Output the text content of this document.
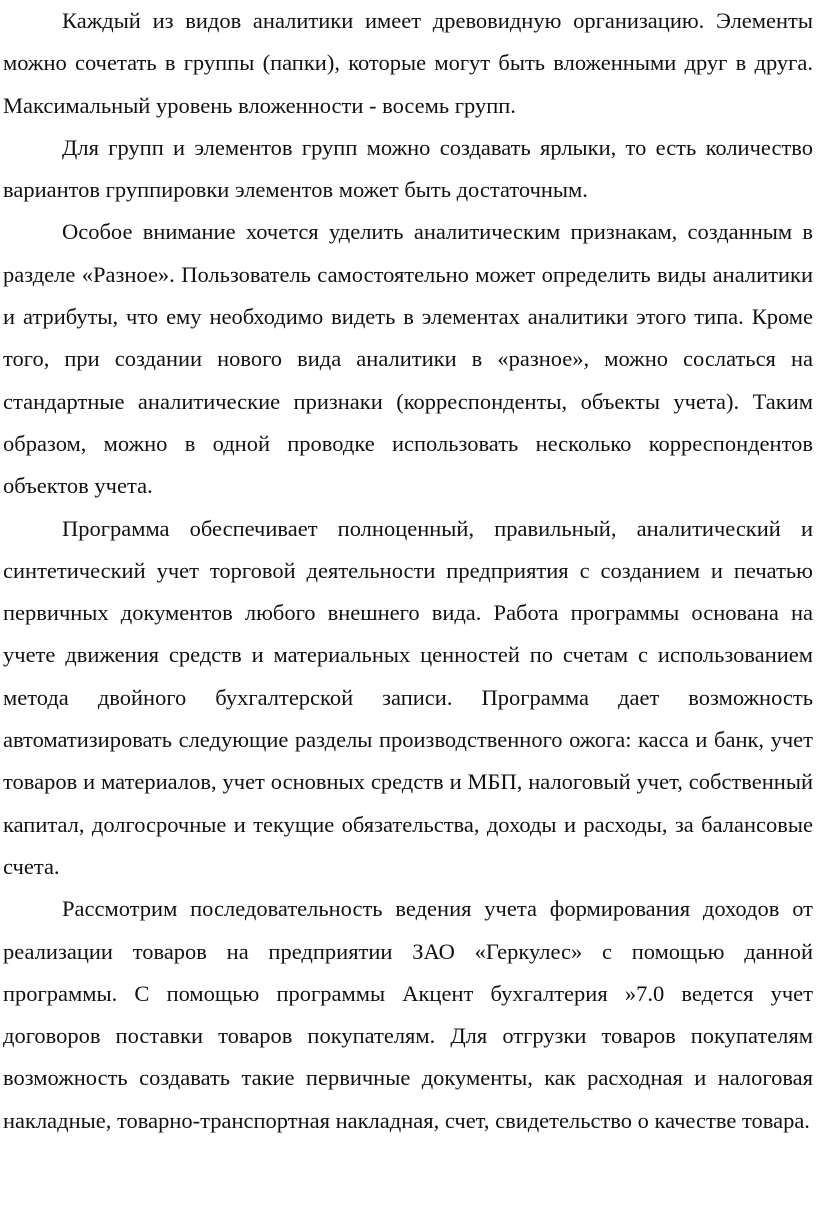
Каждый из видов аналитики имеет древовидную организацию. Элементы можно сочетать в группы (папки), которые могут быть вложенными друг в друга. Максимальный уровень вложенности - восемь групп.

Для групп и элементов групп можно создавать ярлыки, то есть количество вариантов группировки элементов может быть достаточным.

Особое внимание хочется уделить аналитическим признакам, созданным в разделе «Разное». Пользователь самостоятельно может определить виды аналитики и атрибуты, что ему необходимо видеть в элементах аналитики этого типа. Кроме того, при создании нового вида аналитики в «разное», можно сослаться на стандартные аналитические признаки (корреспонденты, объекты учета). Таким образом, можно в одной проводке использовать несколько корреспондентов объектов учета.

Программа обеспечивает полноценный, правильный, аналитический и синтетический учет торговой деятельности предприятия с созданием и печатью первичных документов любого внешнего вида. Работа программы основана на учете движения средств и материальных ценностей по счетам с использованием метода двойного бухгалтерской записи. Программа дает возможность автоматизировать следующие разделы производственного ожога: касса и банк, учет товаров и материалов, учет основных средств и МБП, налоговый учет, собственный капитал, долгосрочные и текущие обязательства, доходы и расходы, за балансовые счета.

Рассмотрим последовательность ведения учета формирования доходов от реализации товаров на предприятии ЗАО «Геркулес» с помощью данной программы. С помощью программы Акцент бухгалтерия »7.0 ведется учет договоров поставки товаров покупателям. Для отгрузки товаров покупателям возможность создавать такие первичные документы, как расходная и налоговая накладные, товарно-транспортная накладная, счет, свидетельство о качестве товара.
